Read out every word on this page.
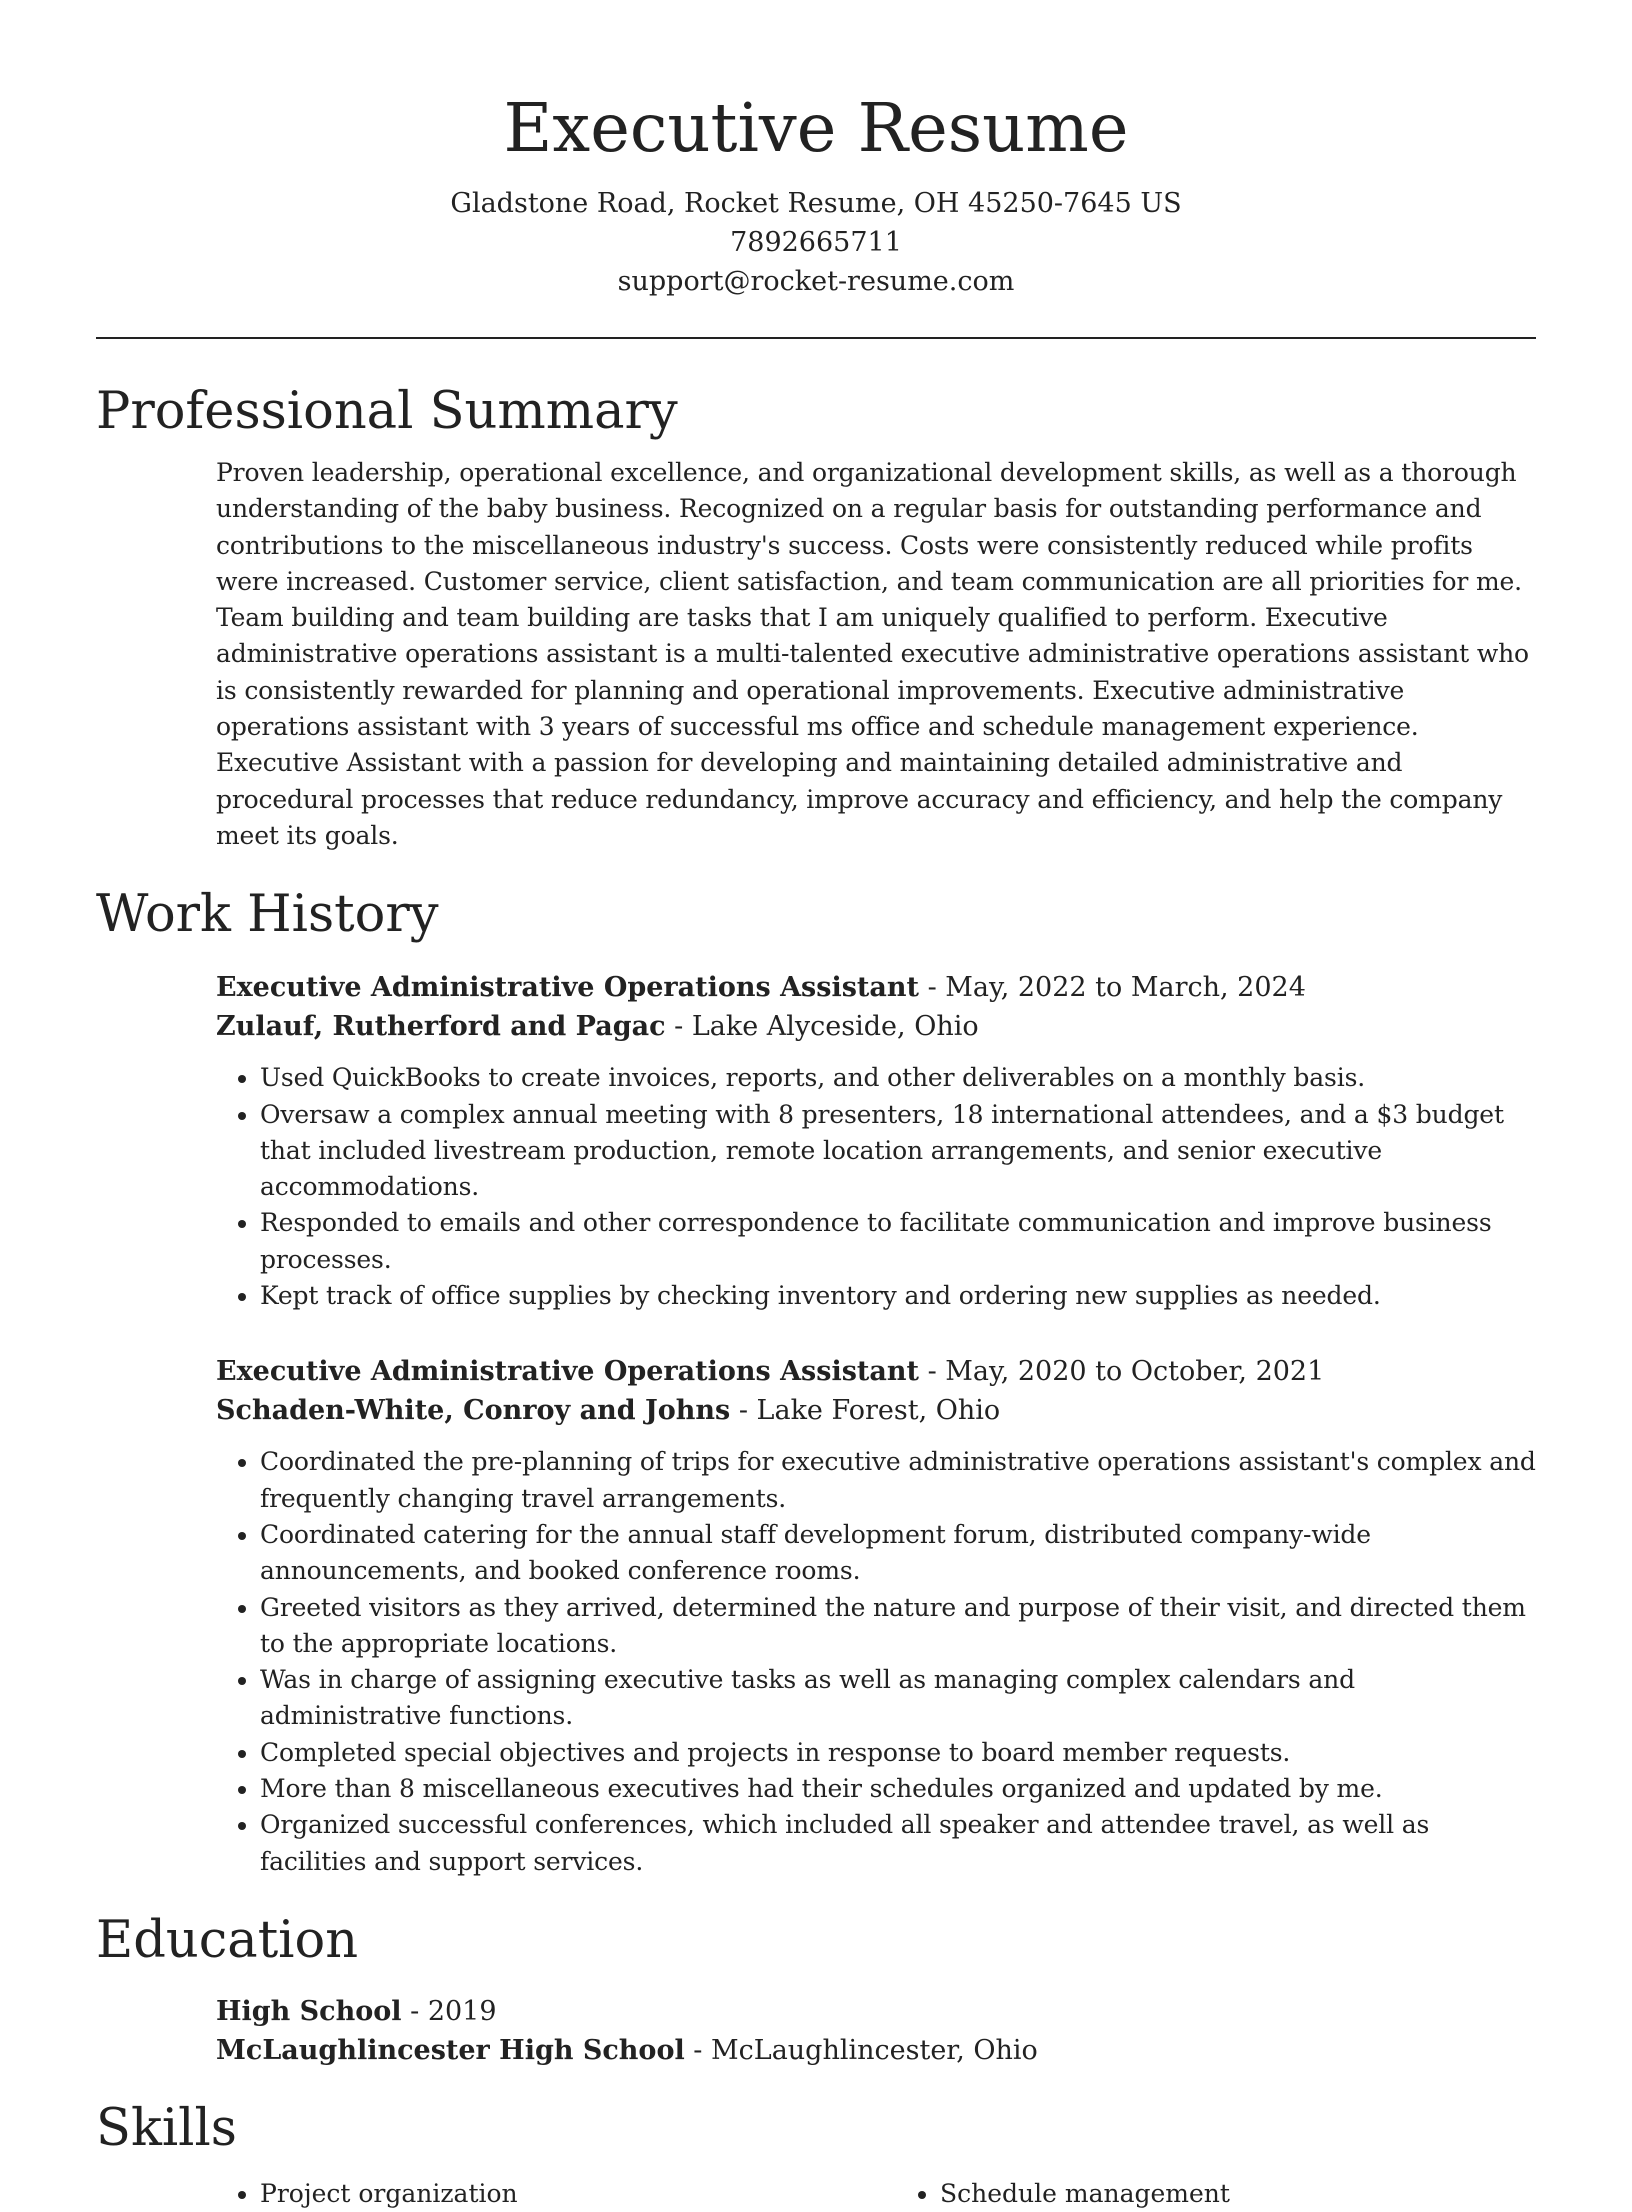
Executive Resume
Gladstone Road, Rocket Resume, OH 45250-7645 US
7892665711
support@rocket-resume.com
Professional Summary

Proven leadership, operational excellence, and organizational development skills, as well as a thorough understanding of the baby business. Recognized on a regular basis for outstanding performance and contributions to the miscellaneous industry's success. Costs were consistently reduced while profits were increased. Customer service, client satisfaction, and team communication are all priorities for me. Team building and team building are tasks that I am uniquely qualified to perform. Executive administrative operations assistant is a multi-talented executive administrative operations assistant who is consistently rewarded for planning and operational improvements. Executive administrative operations assistant with 3 years of successful ms office and schedule management experience. Executive Assistant with a passion for developing and maintaining detailed administrative and procedural processes that reduce redundancy, improve accuracy and efficiency, and help the company meet its goals.

Work History

Executive Administrative Operations Assistant - May, 2022 to March, 2024

Zulauf, Rutherford and Pagac - Lake Alyceside, Ohio

• Used QuickBooks to create invoices, reports, and other deliverables on a monthly basis.
• Oversaw a complex annual meeting with 8 presenters, 18 international attendees, and a $3 budget that included livestream production, remote location arrangements, and senior executive accommodations.
• Responded to emails and other correspondence to facilitate communication and improve business processes.
• Kept track of office supplies by checking inventory and ordering new supplies as needed.

Executive Administrative Operations Assistant - May, 2020 to October, 2021

Schaden-White, Conroy and Johns - Lake Forest, Ohio

• Coordinated the pre-planning of trips for executive administrative operations assistant's complex and frequently changing travel arrangements.
• Coordinated catering for the annual staff development forum, distributed company-wide announcements, and booked conference rooms.
• Greeted visitors as they arrived, determined the nature and purpose of their visit, and directed them to the appropriate locations.
• Was in charge of assigning executive tasks as well as managing complex calendars and administrative functions.
• Completed special objectives and projects in response to board member requests.
• More than 8 miscellaneous executives had their schedules organized and updated by me.
• Organized successful conferences, which included all speaker and attendee travel, as well as facilities and support services.
Education

High School - 2019

McLaughlincester High School - McLaughlincester, Ohio

Skills
• Project organization
•	Schedule management
